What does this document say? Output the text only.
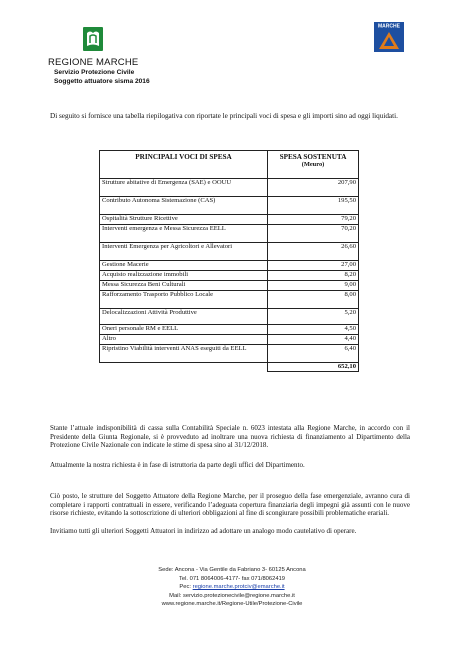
MARCHE
REGIONE MARCHE
Servizio Protezione Civile
Soggetto attuatore sisma 2016
Di seguito si fornisce una tabella riepilogativa con riportate le principali voci di spesa e gli importi sino ad oggi liquidati.
PRINCIPALI VOCI DI SPESA	SPESA SOSTENUTA
(Meuro)

Strutture abitative di Emergenza (SAE) e OOUU	207,90
Contributo Autonoma Sistemazione (CAS)	195,50
Ospitalità Strutture Ricettive	79,20
Interventi emergenza e Messa Sicurezza EELL	70,20
Interventi Emergenza per Agricoltori e Allevatori	26,60
Gestione Macerie	27,00
Acquisto realizzazione immobili	8,20
Messa Sicurezza Beni Culturali	9,00
Rafforzamento Trasporto Pubblico Locale	8,00
Delocalizzazioni Attività Produttive	5,20
Oneri personale RM e EELL	4,50
Altro	4,40
Ripristino Viabilità interventi ANAS eseguiti da EELL	6,40
	652,10
Stante l’attuale indisponibilità di cassa sulla Contabilità Speciale n. 6023 intestata alla Regione Marche, in accordo con il Presidente della Giunta Regionale, si è provveduto ad inoltrare una nuova richiesta di finanziamento al Dipartimento della Protezione Civile Nazionale con indicate le stime di spesa sino al 31/12/2018.
Attualmente la nostra richiesta è in fase di istruttoria da parte degli uffici del Dipartimento.
Ciò posto, le strutture del Soggetto Attuatore della Regione Marche, per il proseguo della fase emergenziale, avranno cura di completare i rapporti contrattuali in essere, verificando l’adeguata copertura finanziaria degli impegni già assunti con le nuove risorse richieste, evitando la sottoscrizione di ulteriori obbligazioni al fine di scongiurare possibili problematiche erariali.
Invitiamo tutti gli ulteriori Soggetti Attuatori in indirizzo ad adottare un analogo modo cautelativo di operare.
Sede: Ancona - Via Gentile da Fabriano 3- 60125 Ancona
Tel. 071 8064006-4177- fax 071/8062419
Pec: regione.marche.protciv@emarche.it
Mail: servizio.protezionecivile@regione.marche.it
www.regione.marche.it/Regione-Utile/Protezione-Civile
